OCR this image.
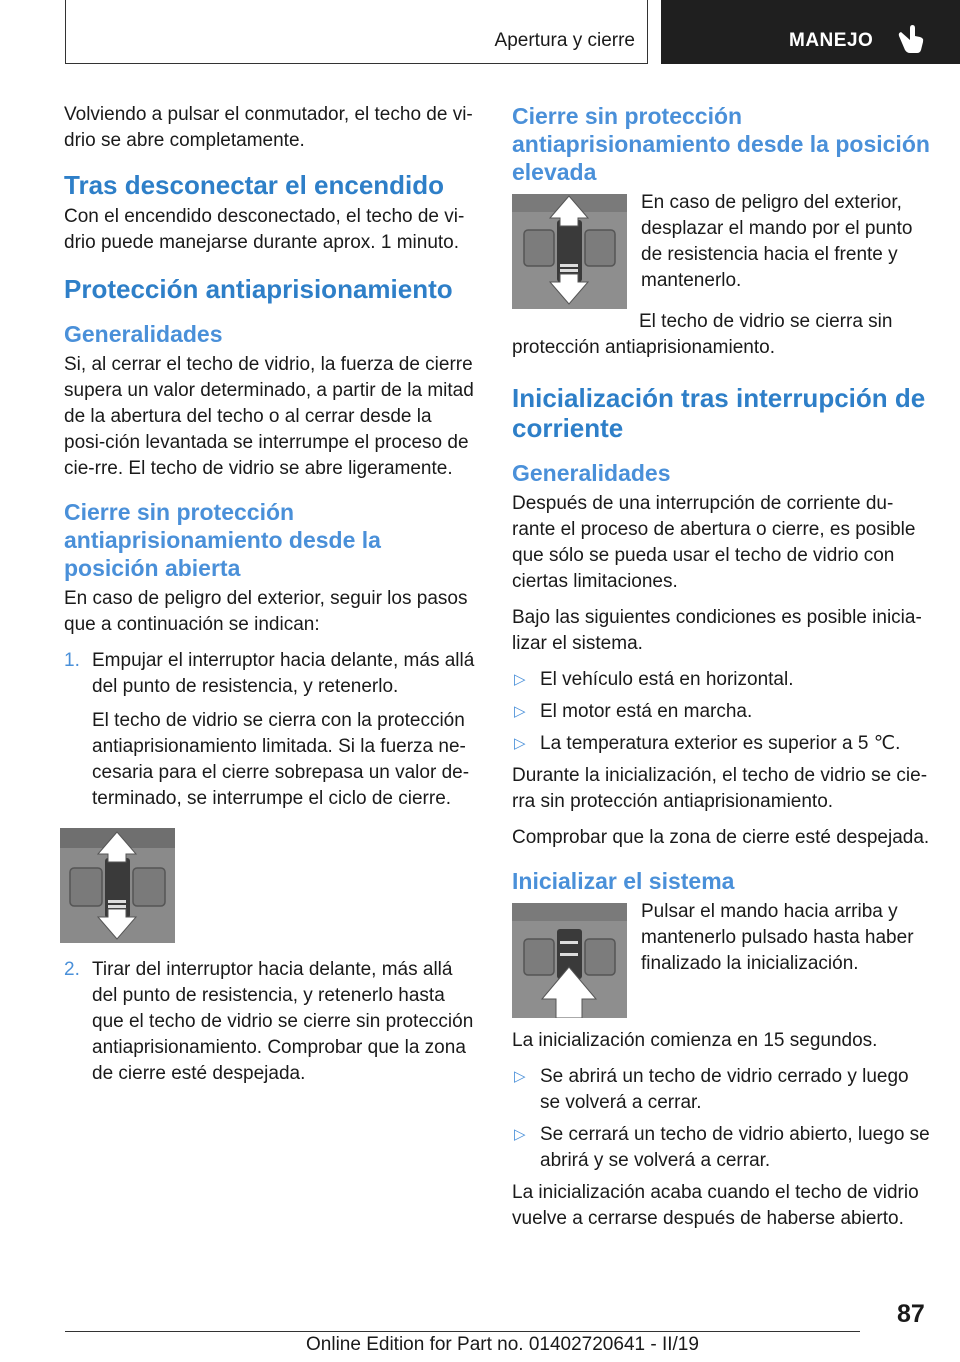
Apertura y cierre	MANEJO

Volviendo a pulsar el conmutador, el techo de vi-drio se abre completamente.

Tras desconectar el encendido

Con el encendido desconectado, el techo de vi-drio puede manejarse durante aprox. 1 minuto.

Protección antiaprisionamiento
Generalidades

Si, al cerrar el techo de vidrio, la fuerza de cierre supera un valor determinado, a partir de la mitad de la abertura del techo o al cerrar desde la posi-ción levantada se interrumpe el proceso de cie-rre. El techo de vidrio se abre ligeramente.

Cierre sin protección antiaprisionamiento desde la posición abierta

En caso de peligro del exterior, seguir los pasos que a continuación se indican:

1. Empujar el interruptor hacia delante, más allá del punto de resistencia, y retenerlo.

El techo de vidrio se cierra con la protección antiaprisionamiento limitada. Si la fuerza ne-cesaria para el cierre sobrepasa un valor de-terminado, se interrumpe el ciclo de cierre.

2. Tirar del interruptor hacia delante, más allá del punto de resistencia, y retenerlo hasta que el techo de vidrio se cierre sin protección antiaprisionamiento. Comprobar que la zona de cierre esté despejada.

Cierre sin protección antiaprisionamiento desde la posición elevada

En caso de peligro del exterior, desplazar el mando por el punto de resistencia hacia el frente y mantenerlo.

El techo de vidrio se cierra sin protección antiaprisionamiento.

Inicialización tras interrupción de corriente
Generalidades

Después de una interrupción de corriente du-rante el proceso de abertura o cierre, es posible que sólo se pueda usar el techo de vidrio con ciertas limitaciones.

Bajo las siguientes condiciones es posible inicia-lizar el sistema.

▷ El vehículo está en horizontal.
▷ El motor está en marcha.
▷ La temperatura exterior es superior a 5 ℃.

Durante la inicialización, el techo de vidrio se cie-rra sin protección antiaprisionamiento.

Comprobar que la zona de cierre esté despejada.

Inicializar el sistema

Pulsar el mando hacia arriba y mantenerlo pulsado hasta haber finalizado la inicialización.

La inicialización comienza en 15 segundos.

▷ Se abrirá un techo de vidrio cerrado y luego se volverá a cerrar.
▷ Se cerrará un techo de vidrio abierto, luego se abrirá y se volverá a cerrar.

La inicialización acaba cuando el techo de vidrio vuelve a cerrarse después de haberse abierto.

87
Online Edition for Part no. 01402720641 - II/19
